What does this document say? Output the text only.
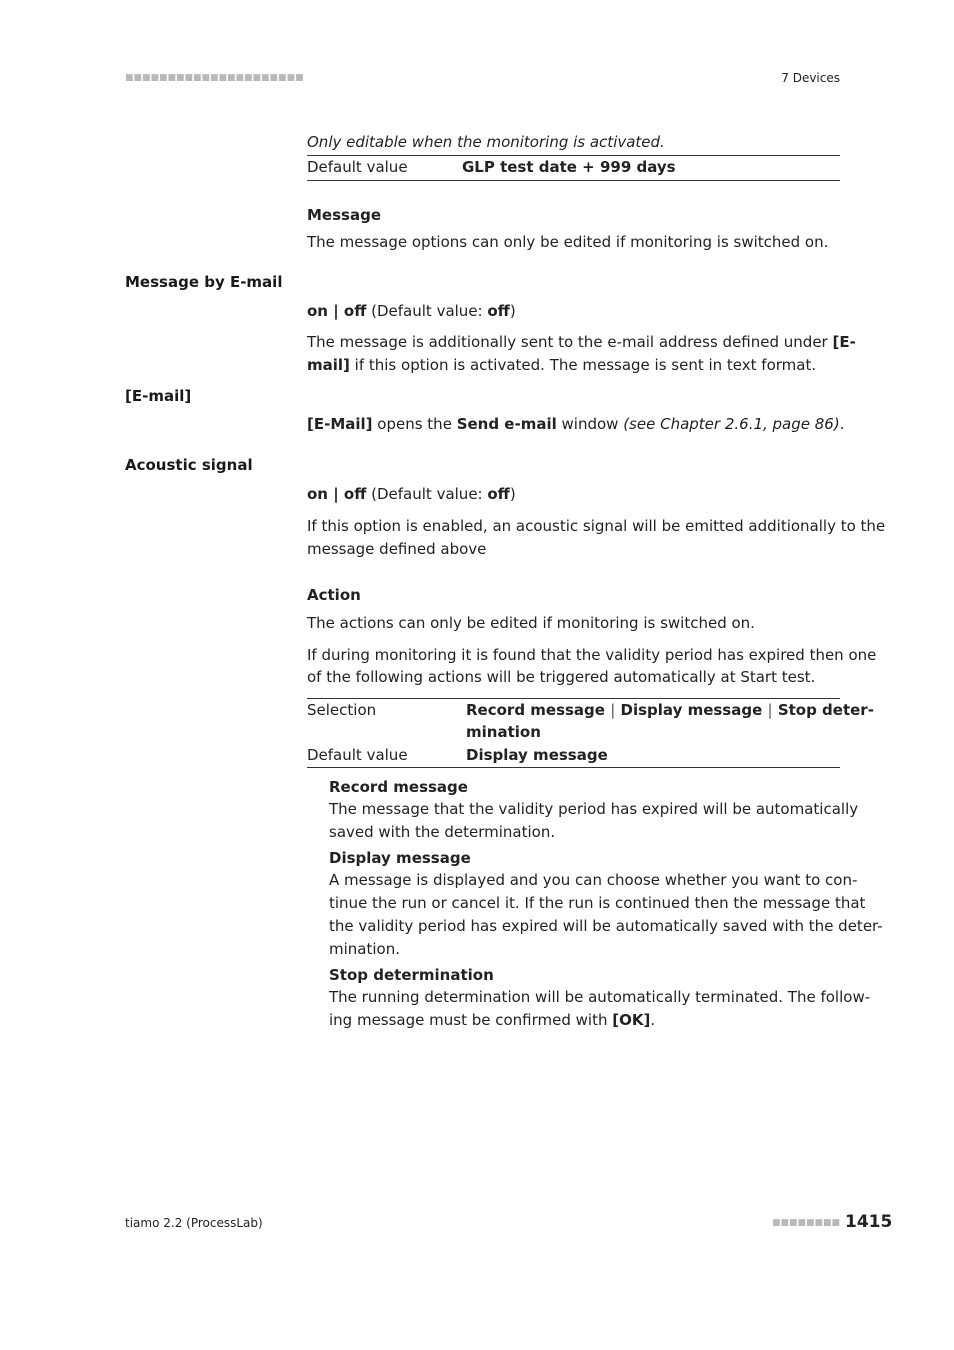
■■■■■■■■■■■■■■■■■■■■■	7 Devices
Only editable when the monitoring is activated.
Default value	GLP test date + 999 days
Message
The message options can only be edited if monitoring is switched on.
Message by E-mail
on | off (Default value: off)
The message is additionally sent to the e-mail address defined under [E-
mail] if this option is activated. The message is sent in text format.
[E-mail]
[E-Mail] opens the Send e-mail window (see Chapter 2.6.1, page 86).
Acoustic signal
on | off (Default value: off)
If this option is enabled, an acoustic signal will be emitted additionally to the
message defined above
Action
The actions can only be edited if monitoring is switched on.
If during monitoring it is found that the validity period has expired then one
of the following actions will be triggered automatically at Start test.
Selection	Record message | Display message | Stop deter-
mination
Default value	Display message
Record message
The message that the validity period has expired will be automatically
saved with the determination.
Display message
A message is displayed and you can choose whether you want to con-
tinue the run or cancel it. If the run is continued then the message that
the validity period has expired will be automatically saved with the deter-
mination.
Stop determination
The running determination will be automatically terminated. The follow-
ing message must be confirmed with [OK].
tiamo 2.2 (ProcessLab)	■■■■■■■■ 1415
